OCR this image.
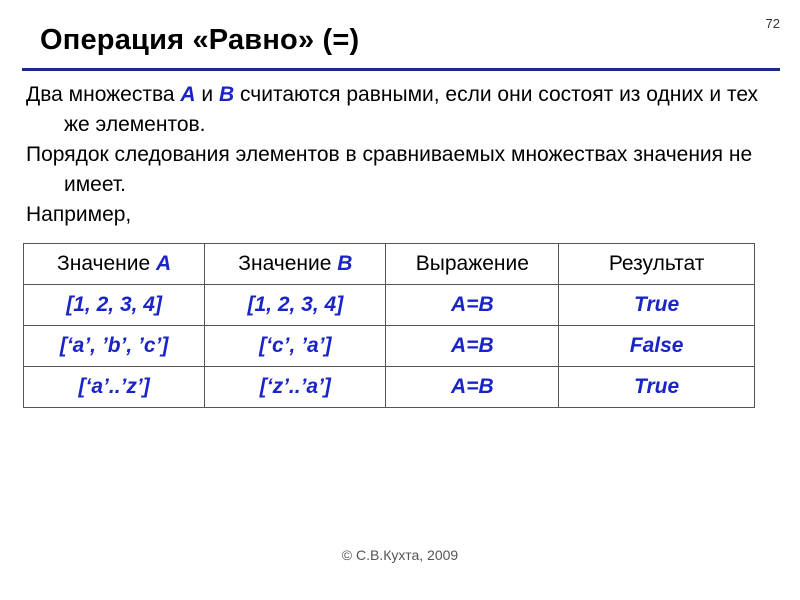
Операция «Равно» (=)
72

Два множества A и B считаются равными, если они состоят из одних и тех же элементов.

Порядок следования элементов в сравниваемых множествах значения не имеет.

Например,

Значение A	Значение B	Выражение	Результат
[1, 2, 3, 4]	[1, 2, 3, 4]	A=B	True
[‘a’, ’b’, ’c’]	[‘c’, ’a’]	A=B	False
[‘a’..’z’]	[‘z’..’a’]	A=B	True
© С.В.Кухта, 2009
